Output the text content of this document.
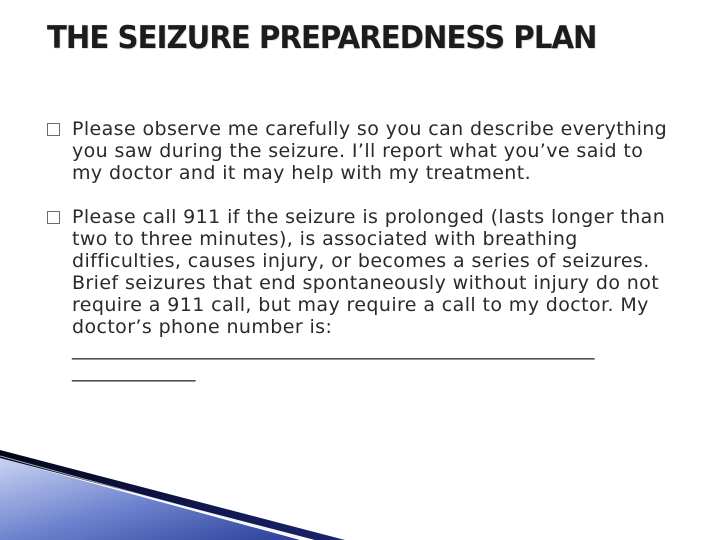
THE SEIZURE PREPAREDNESS PLAN
Please observe me carefully so you can describe everything you saw during the seizure. I’ll report what you’ve said to my doctor and it may help with my treatment.
Please call 911 if the seizure is prolonged (lasts longer than two to three minutes), is associated with breathing difficulties, causes injury, or becomes a series of seizures. Brief seizures that end spontaneously without injury do not require a 911 call, but may require a call to my doctor. My doctor’s phone number is:
_______________________________________________________
_____________
